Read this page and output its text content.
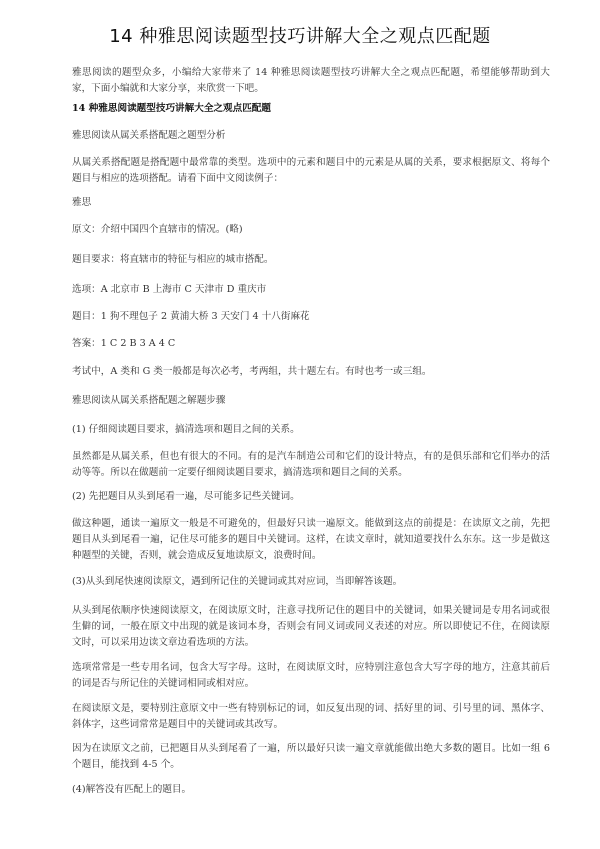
14 种雅思阅读题型技巧讲解大全之观点匹配题
雅思阅读的题型众多，小编给大家带来了 14 种雅思阅读题型技巧讲解大全之观点匹配题，希望能够帮助到大家，下面小编就和大家分享，来欣赏一下吧。
14 种雅思阅读题型技巧讲解大全之观点匹配题
雅思阅读从属关系搭配题之题型分析
从属关系搭配题是搭配题中最常靠的类型。选项中的元素和题目中的元素是从属的关系，要求根据原文、将每个题目与相应的选项搭配。请看下面中文阅读例子：
雅思
原文：介绍中国四个直辖市的情况。(略)
题目要求：将直辖市的特征与相应的城市搭配。
选项：A 北京市 B 上海市 C 天津市 D 重庆市
题目：1 狗不理包子 2 黄浦大桥 3 天安门 4 十八街麻花
答案：1 C 2 B 3 A 4 C
考试中，A 类和 G 类一般都是每次必考，考两组，共十题左右。有时也考一或三组。
雅思阅读从属关系搭配题之解题步骤
(1) 仔细阅读题目要求，搞清选项和题目之间的关系。
虽然都是从属关系，但也有很大的不同。有的是汽车制造公司和它们的设计特点，有的是俱乐部和它们举办的活动等等。所以在做题前一定要仔细阅读题目要求，搞清选项和题目之间的关系。
(2) 先把题目从头到尾看一遍，尽可能多记些关键词。
做这种题，通读一遍原文一般是不可避免的，但最好只读一遍原文。能做到这点的前提是：在读原文之前，先把题目从头到尾看一遍，记住尽可能多的题目中关键词。这样，在读文章时，就知道要找什么东东。这一步是做这种题型的关键，否则，就会造成反复地读原文，浪费时间。
(3)从头到尾快速阅读原文，遇到所记住的关键词或其对应词，当即解答该题。
从头到尾依顺序快速阅读原文，在阅读原文时，注意寻找所记住的题目中的关键词，如果关键词是专用名词或很生僻的词，一般在原文中出现的就是该词本身，否则会有同义词或同义表述的对应。所以即使记不住，在阅读原文时，可以采用边读文章边看选项的方法。
选项常常是一些专用名词，包含大写字母。这时，在阅读原文时，应特别注意包含大写字母的地方，注意其前后的词是否与所记住的关键词相同或相对应。
在阅读原文是，要特别注意原文中一些有特别标记的词，如反复出现的词、括好里的词、引号里的词、黑体字、斜体字，这些词常常是题目中的关键词或其改写。
因为在读原文之前，已把题目从头到尾看了一遍，所以最好只读一遍文章就能做出绝大多数的题目。比如一组 6 个题目，能找到 4-5 个。
(4)解答没有匹配上的题目。
